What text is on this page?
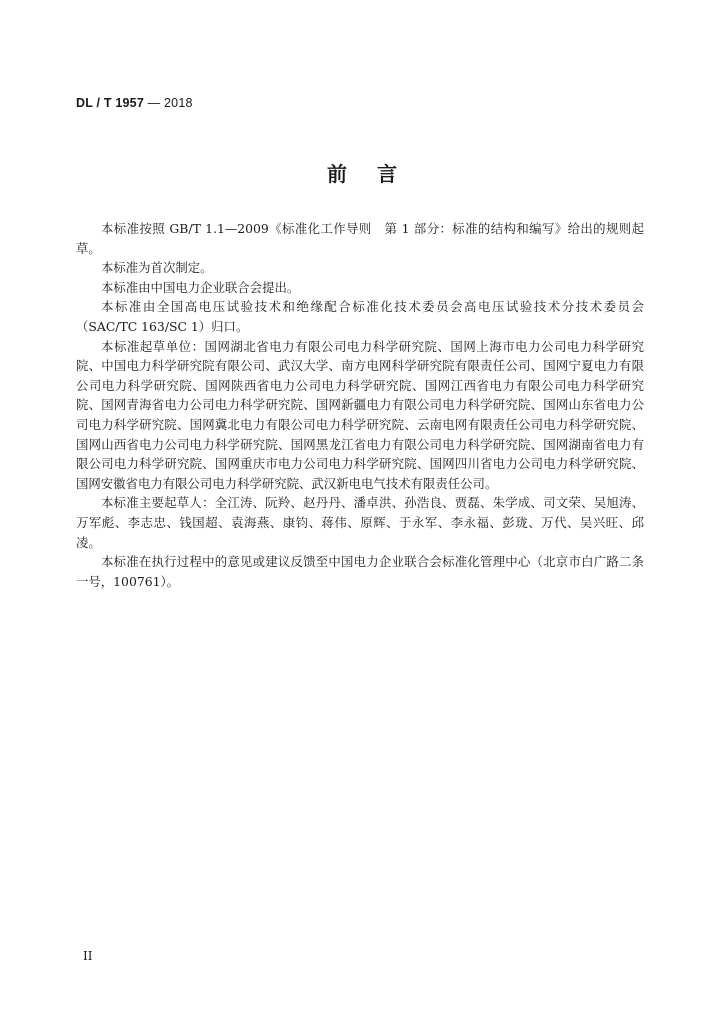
DL / T 1957 — 2018
前言

本标准按照 GB/T 1.1—2009《标准化工作导则　第 1 部分：标准的结构和编写》给出的规则起草。

本标准为首次制定。

本标准由中国电力企业联合会提出。

本标准由全国高电压试验技术和绝缘配合标准化技术委员会高电压试验技术分技术委员会（SAC/TC 163/SC 1）归口。

本标准起草单位：国网湖北省电力有限公司电力科学研究院、国网上海市电力公司电力科学研究院、中国电力科学研究院有限公司、武汉大学、南方电网科学研究院有限责任公司、国网宁夏电力有限公司电力科学研究院、国网陕西省电力公司电力科学研究院、国网江西省电力有限公司电力科学研究院、国网青海省电力公司电力科学研究院、国网新疆电力有限公司电力科学研究院、国网山东省电力公司电力科学研究院、国网冀北电力有限公司电力科学研究院、云南电网有限责任公司电力科学研究院、国网山西省电力公司电力科学研究院、国网黑龙江省电力有限公司电力科学研究院、国网湖南省电力有限公司电力科学研究院、国网重庆市电力公司电力科学研究院、国网四川省电力公司电力科学研究院、国网安徽省电力有限公司电力科学研究院、武汉新电电气技术有限责任公司。

本标准主要起草人：全江涛、阮羚、赵丹丹、潘卓洪、孙浩良、贾磊、朱学成、司文荣、吴旭涛、万军彪、李志忠、钱国超、袁海燕、康钧、蒋伟、原辉、于永军、李永福、彭珑、万代、吴兴旺、邱凌。

本标准在执行过程中的意见或建议反馈至中国电力企业联合会标准化管理中心（北京市白广路二条一号，100761）。

II
